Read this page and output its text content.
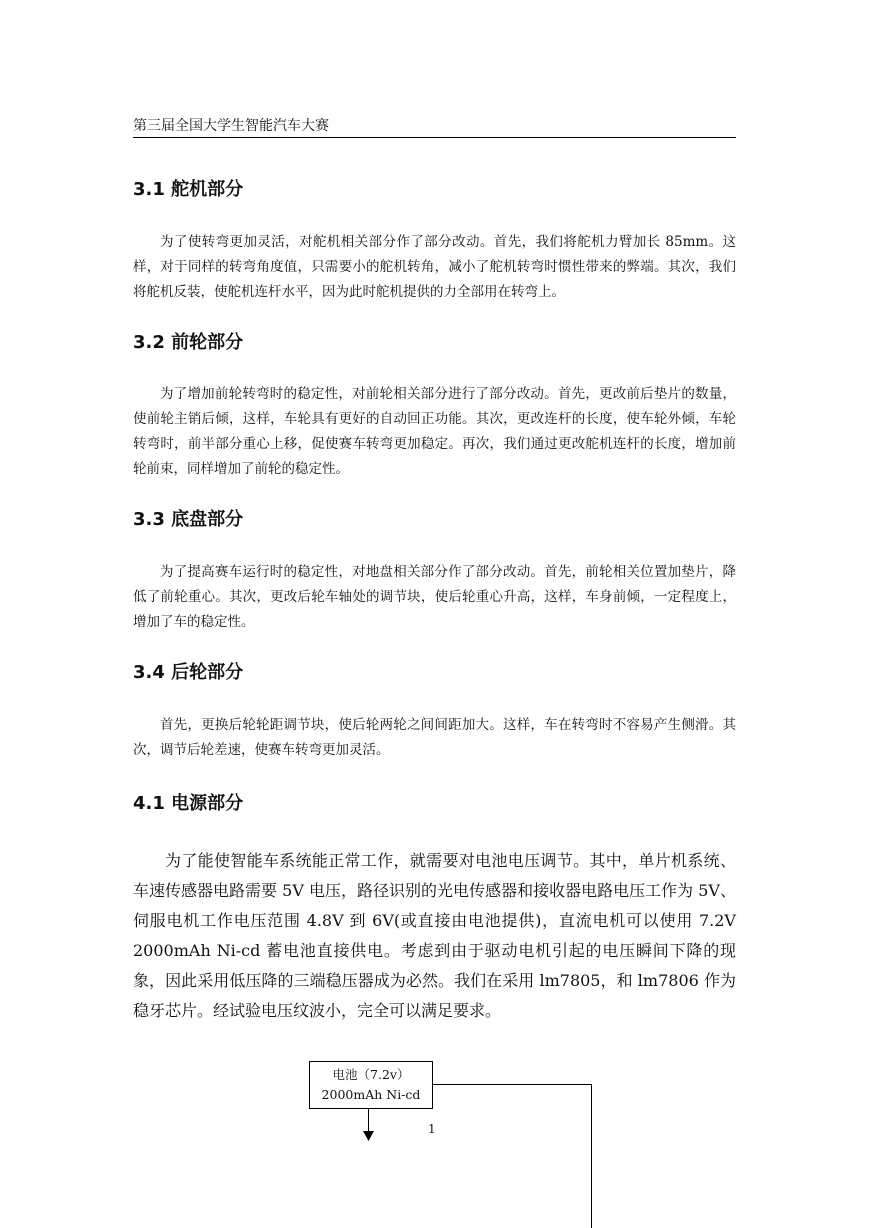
第三届全国大学生智能汽车大赛
3.1 舵机部分

为了使转弯更加灵活，对舵机相关部分作了部分改动。首先，我们将舵机力臂加长 85mm。这样，对于同样的转弯角度值，只需要小的舵机转角，减小了舵机转弯时惯性带来的弊端。其次，我们将舵机反装，使舵机连杆水平，因为此时舵机提供的力全部用在转弯上。

3.2 前轮部分

为了增加前轮转弯时的稳定性，对前轮相关部分进行了部分改动。首先，更改前后垫片的数量，使前轮主销后倾，这样，车轮具有更好的自动回正功能。其次，更改连杆的长度，使车轮外倾，车轮转弯时，前半部分重心上移，促使赛车转弯更加稳定。再次，我们通过更改舵机连杆的长度，增加前轮前束，同样增加了前轮的稳定性。

3.3 底盘部分

为了提高赛车运行时的稳定性，对地盘相关部分作了部分改动。首先，前轮相关位置加垫片，降低了前轮重心。其次，更改后轮车轴处的调节块，使后轮重心升高，这样，车身前倾，一定程度上，增加了车的稳定性。

3.4 后轮部分

首先，更换后轮轮距调节块，使后轮两轮之间间距加大。这样，车在转弯时不容易产生侧滑。其次，调节后轮差速，使赛车转弯更加灵活。

4.1 电源部分

为了能使智能车系统能正常工作，就需要对电池电压调节。其中，单片机系统、车速传感器电路需要 5V 电压，路径识别的光电传感器和接收器电路电压工作为 5V、伺服电机工作电压范围 4.8V 到 6V(或直接由电池提供)，直流电机可以使用 7.2V 2000mAh Ni-cd 蓄电池直接供电。考虑到由于驱动电机引起的电压瞬间下降的现象，因此采用低压降的三端稳压器成为必然。我们在采用 lm7805，和 lm7806 作为稳牙芯片。经试验电压纹波小，完全可以满足要求。

电池（7.2v）
2000mAh Ni-cd
1
